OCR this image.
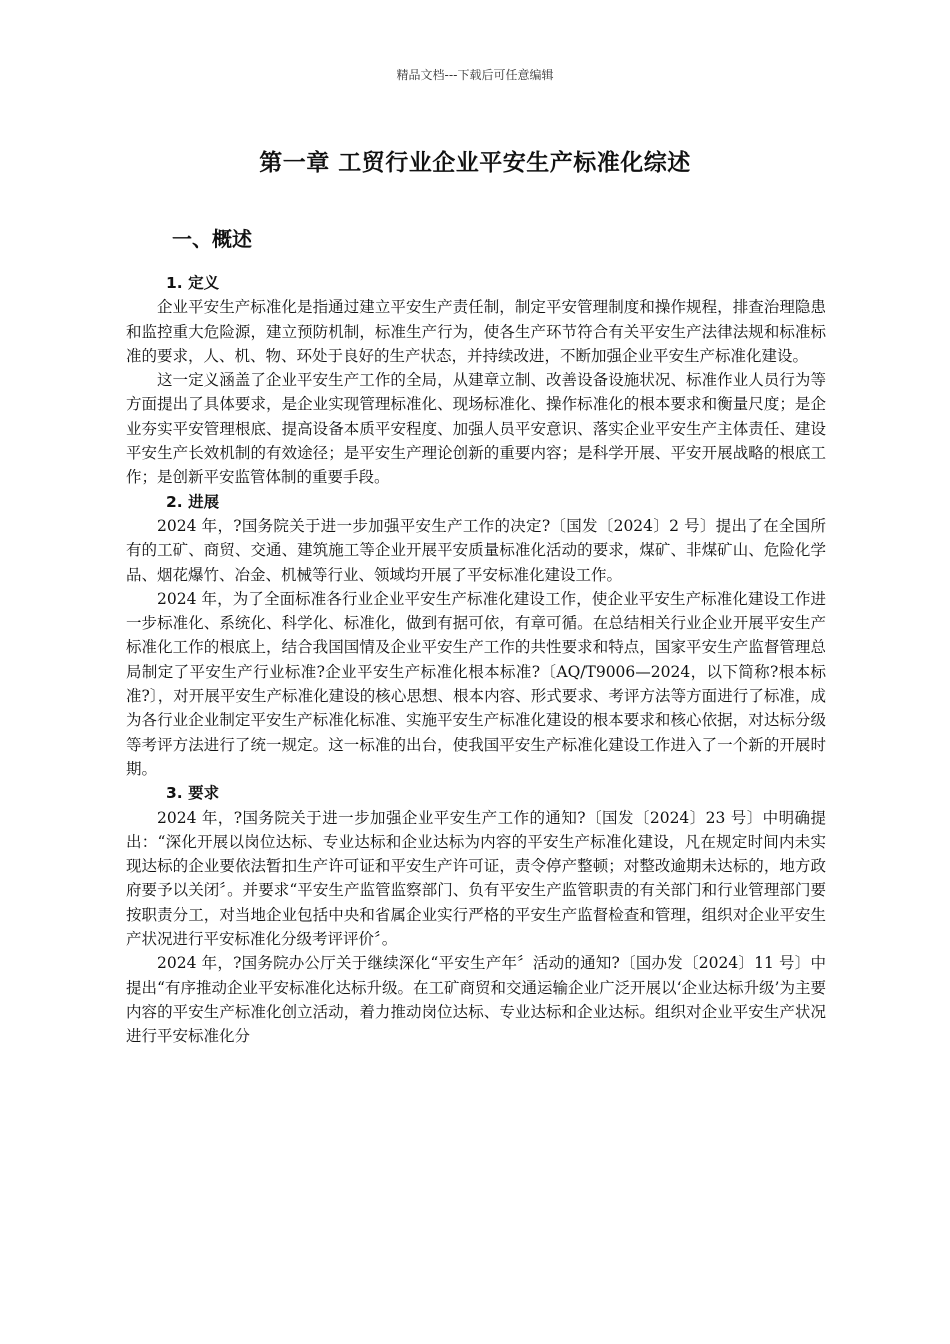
精品文档---下载后可任意编辑
第一章 工贸行业企业平安生产标准化综述
一、概述

1. 定义

企业平安生产标准化是指通过建立平安生产责任制，制定平安管理制度和操作规程，排查治理隐患和监控重大危险源，建立预防机制，标准生产行为，使各生产环节符合有关平安生产法律法规和标准标准的要求，人、机、物、环处于良好的生产状态，并持续改进，不断加强企业平安生产标准化建设。

这一定义涵盖了企业平安生产工作的全局，从建章立制、改善设备设施状况、标准作业人员行为等方面提出了具体要求，是企业实现管理标准化、现场标准化、操作标准化的根本要求和衡量尺度；是企业夯实平安管理根底、提高设备本质平安程度、加强人员平安意识、落实企业平安生产主体责任、建设平安生产长效机制的有效途径；是平安生产理论创新的重要内容；是科学开展、平安开展战略的根底工作；是创新平安监管体制的重要手段。

2. 进展

2024 年，?国务院关于进一步加强平安生产工作的决定?〔国发〔2024〕2 号〕提出了在全国所有的工矿、商贸、交通、建筑施工等企业开展平安质量标准化活动的要求，煤矿、非煤矿山、危险化学品、烟花爆竹、冶金、机械等行业、领域均开展了平安标准化建设工作。

2024 年，为了全面标准各行业企业平安生产标准化建设工作，使企业平安生产标准化建设工作进一步标准化、系统化、科学化、标准化，做到有据可依，有章可循。在总结相关行业企业开展平安生产标准化工作的根底上，结合我国国情及企业平安生产工作的共性要求和特点，国家平安生产监督管理总局制定了平安生产行业标准?企业平安生产标准化根本标准?〔AQ/T9006—2024，以下简称?根本标准?〕，对开展平安生产标准化建设的核心思想、根本内容、形式要求、考评方法等方面进行了标准，成为各行业企业制定平安生产标准化标准、实施平安生产标准化建设的根本要求和核心依据，对达标分级等考评方法进行了统一规定。这一标准的出台，使我国平安生产标准化建设工作进入了一个新的开展时期。

3. 要求

2024 年，?国务院关于进一步加强企业平安生产工作的通知?〔国发〔2024〕23 号〕中明确提出：“深化开展以岗位达标、专业达标和企业达标为内容的平安生产标准化建设，凡在规定时间内未实现达标的企业要依法暂扣生产许可证和平安生产许可证，责令停产整顿；对整改逾期未达标的，地方政府要予以关闭〞。并要求“平安生产监管监察部门、负有平安生产监管职责的有关部门和行业管理部门要按职责分工，对当地企业包括中央和省属企业实行严格的平安生产监督检查和管理，组织对企业平安生产状况进行平安标准化分级考评评价〞。

2024 年，?国务院办公厅关于继续深化“平安生产年〞活动的通知?〔国办发〔2024〕11 号〕中提出“有序推动企业平安标准化达标升级。在工矿商贸和交通运输企业广泛开展以‘企业达标升级’为主要内容的平安生产标准化创立活动，着力推动岗位达标、专业达标和企业达标。组织对企业平安生产状况进行平安标准化分
